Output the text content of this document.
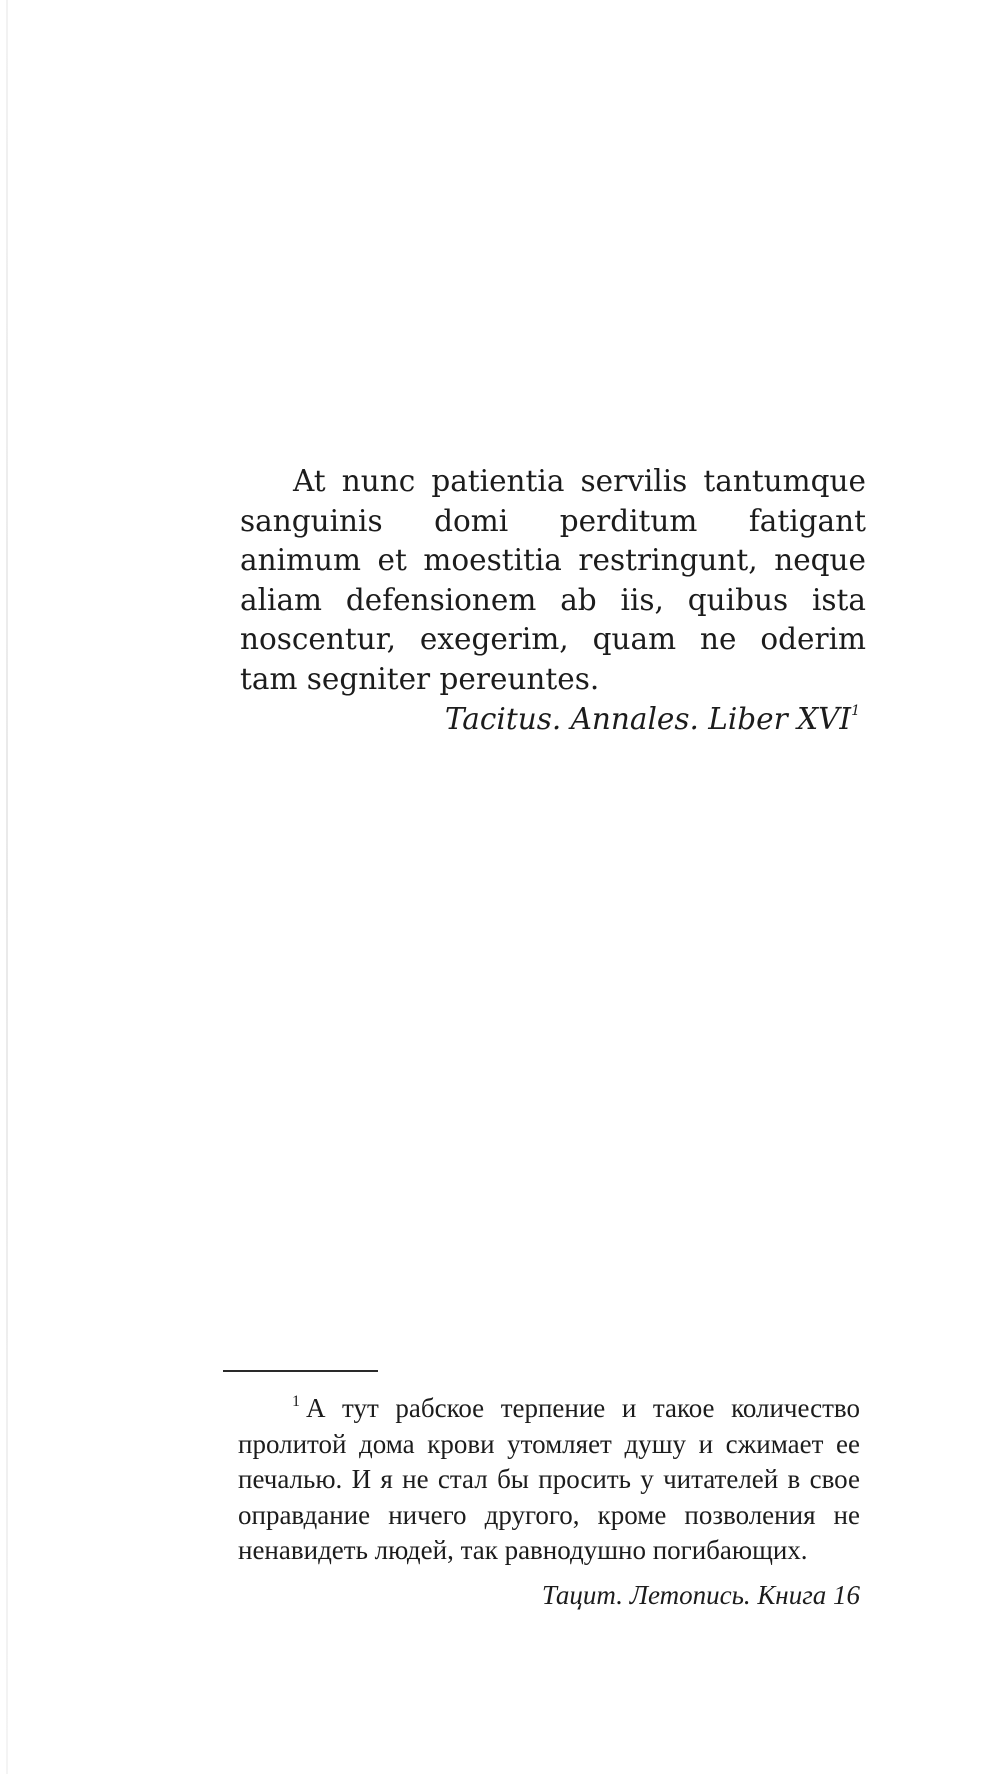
At nunc patientia servilis tantumque sanguinis domi perditum fatigant animum et moestitia restringunt, neque aliam defensionem ab iis, quibus ista noscentur, exegerim, quam ne oderim tam segniter pereuntes.

Tacitus. Annales. Liber XVI$^1$

$^1$ А тут рабское терпение и такое количество пролитой дома крови утомляет душу и сжимает ее печалью. И я не стал бы просить у читателей в свое оправдание ничего другого, кроме позволения не ненавидеть людей, так равнодушно погибающих.

Тацит. Летопись. Книга 16
